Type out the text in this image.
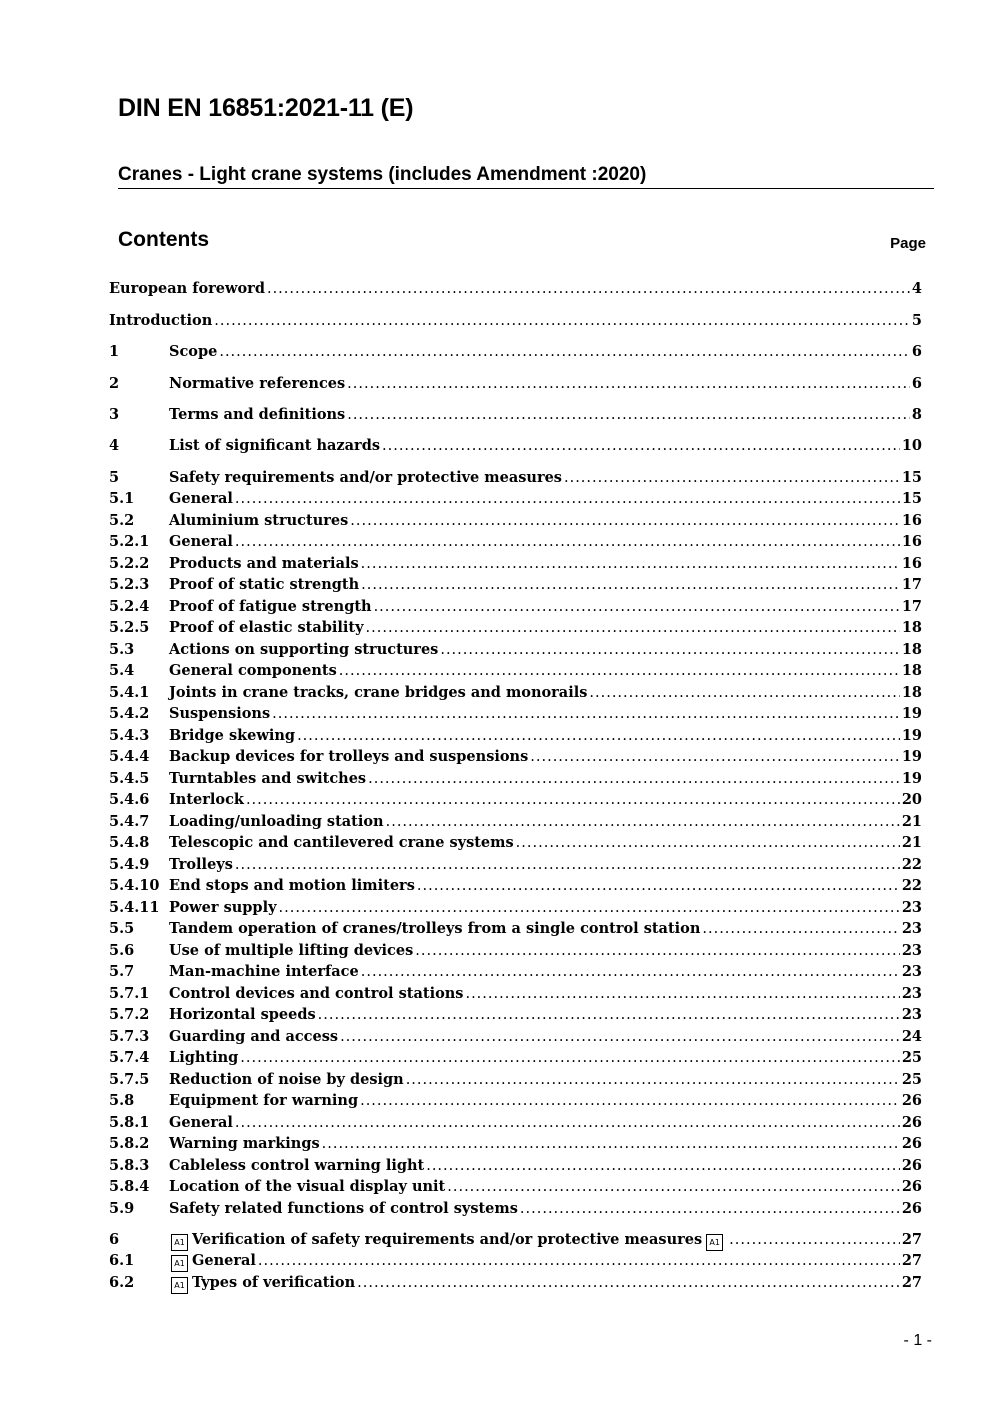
DIN EN 16851:2021-11 (E)
Cranes - Light crane systems (includes Amendment :2020)
Contents	Page
European foreword .....	4
Introduction .....	5
1	Scope .....	6
2	Normative references .....	6
3	Terms and definitions .....	8
4	List of significant hazards .....	10
5	Safety requirements and/or protective measures .....	15
5.1	General .....	15
5.2	Aluminium structures .....	16
5.2.1	General .....	16
5.2.2	Products and materials .....	16
5.2.3	Proof of static strength .....	17
5.2.4	Proof of fatigue strength .....	17
5.2.5	Proof of elastic stability .....	18
5.3	Actions on supporting structures .....	18
5.4	General components .....	18
5.4.1	Joints in crane tracks, crane bridges and monorails .....	18
5.4.2	Suspensions .....	19
5.4.3	Bridge skewing .....	19
5.4.4	Backup devices for trolleys and suspensions .....	19
5.4.5	Turntables and switches .....	19
5.4.6	Interlock .....	20
5.4.7	Loading/unloading station .....	21
5.4.8	Telescopic and cantilevered crane systems .....	21
5.4.9	Trolleys .....	22
5.4.10 End stops and motion limiters .....	22
5.4.11 Power supply .....	23
5.5	Tandem operation of cranes/trolleys from a single control station .....	23
5.6	Use of multiple lifting devices .....	23
5.7	Man-machine interface .....	23
5.7.1	Control devices and control stations .....	23
5.7.2	Horizontal speeds .....	23
5.7.3	Guarding and access .....	24
5.7.4	Lighting .....	25
5.7.5	Reduction of noise by design .....	25
5.8	Equipment for warning .....	26
5.8.1	General .....	26
5.8.2	Warning markings .....	26
5.8.3	Cableless control warning light .....	26
5.8.4	Location of the visual display unit .....	26
5.9	Safety related functions of control systems .....	26
6	A1 Verification of safety requirements and/or protective measures A1 .....	27
6.1	A1 General .....	27
6.2	A1 Types of verification .....	27
- 1 -
